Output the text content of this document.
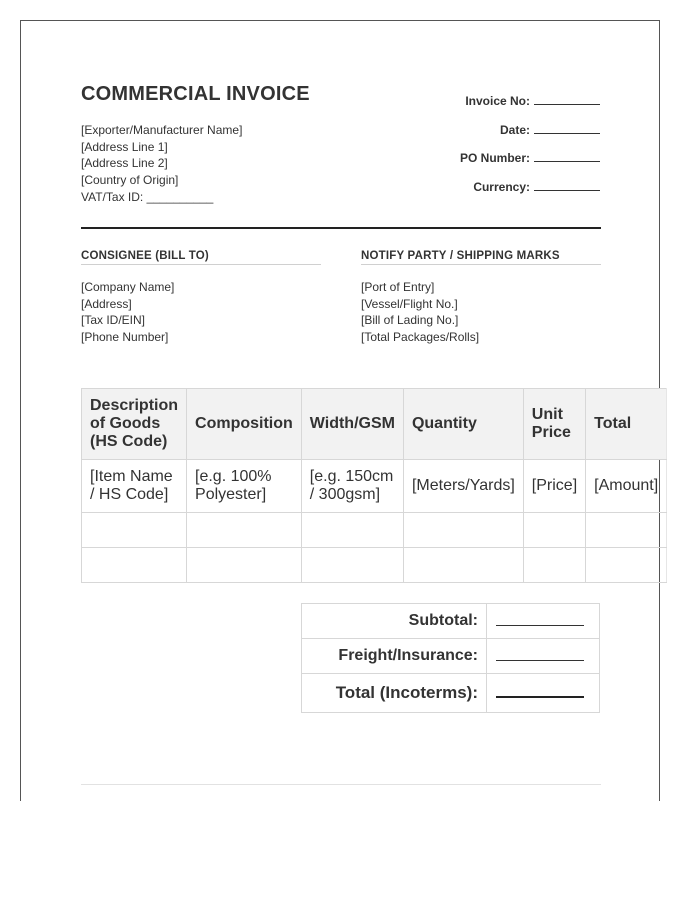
COMMERCIAL INVOICE
[Exporter/Manufacturer Name]
[Address Line 1]
[Address Line 2]
[Country of Origin]
VAT/Tax ID: __________
Invoice No:
Date:
PO Number:
Currency:
CONSIGNEE (BILL TO)
[Company Name]
[Address]
[Tax ID/EIN]
[Phone Number]
NOTIFY PARTY / SHIPPING MARKS
[Port of Entry]
[Vessel/Flight No.]
[Bill of Lading No.]
[Total Packages/Rolls]
Description of Goods (HS Code)	Composition	Width/GSM	Quantity	Unit Price	Total
[Item Name / HS Code]	[e.g. 100% Polyester]	[e.g. 150cm / 300gsm]	[Meters/Yards]	[Price]	[Amount]

Subtotal:	

Freight/Insurance:	

Total (Incoterms):	
